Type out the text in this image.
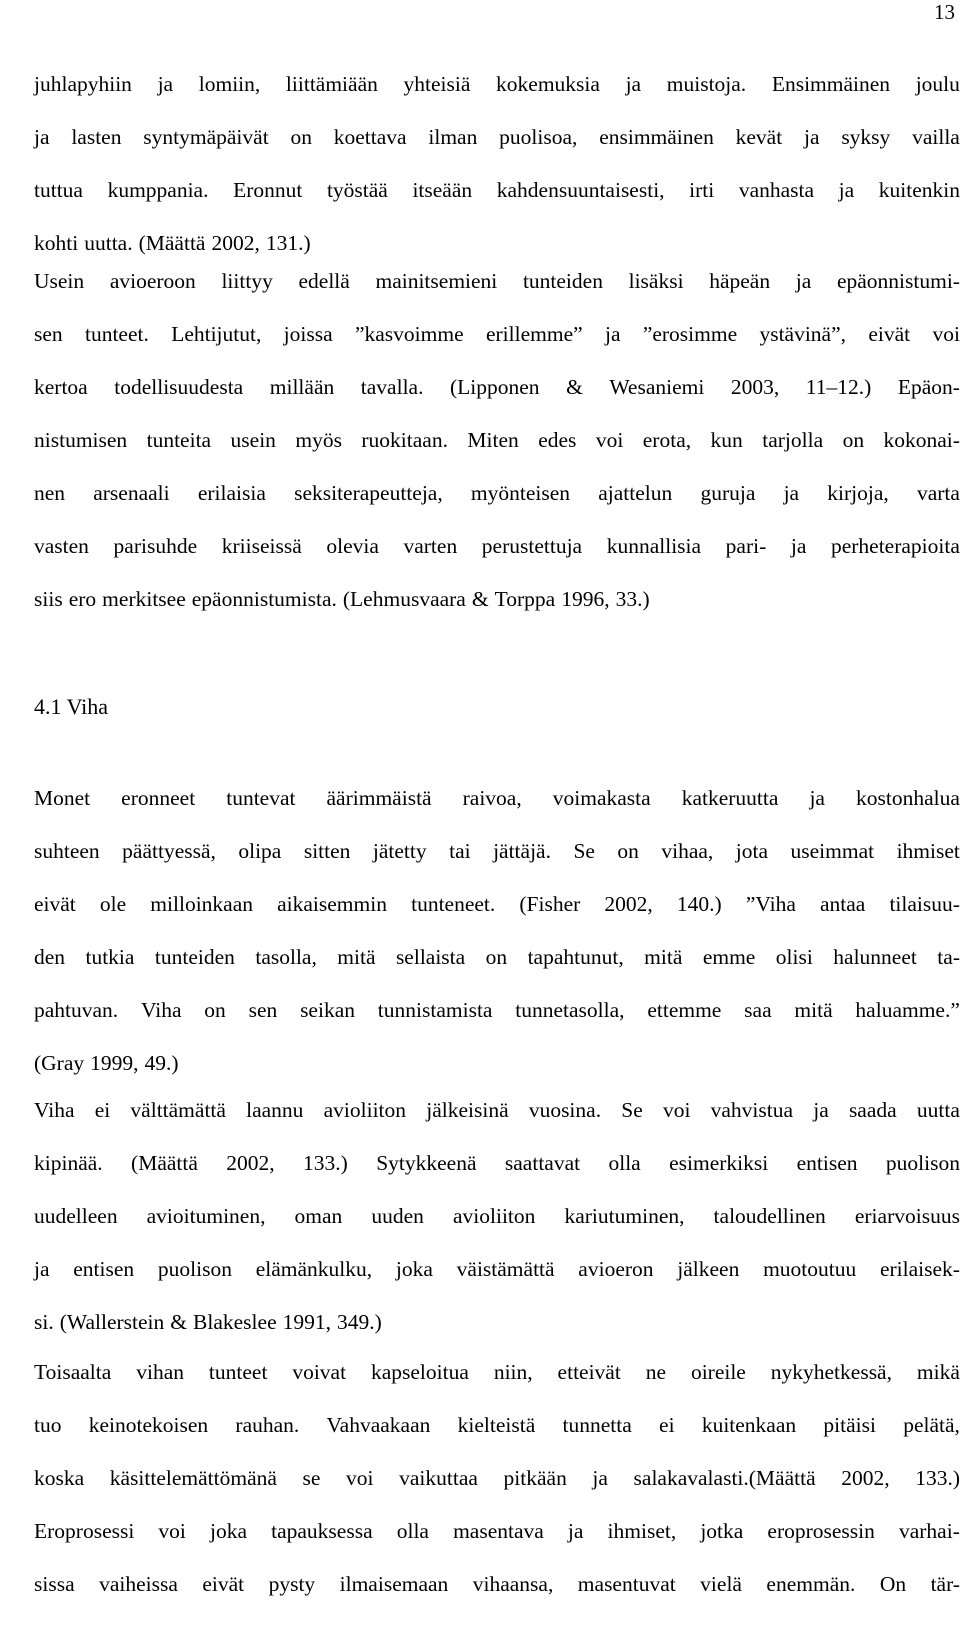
13
juhlapyhiin ja lomiin, liittämiään yhteisiä kokemuksia ja muistoja. Ensimmäinen joulu
ja lasten syntymäpäivät on koettava ilman puolisoa, ensimmäinen kevät ja syksy vailla
tuttua kumppania. Eronnut työstää itseään kahdensuuntaisesti, irti vanhasta ja kuitenkin
kohti uutta. (Määttä 2002, 131.)
Usein avioeroon liittyy edellä mainitsemieni tunteiden lisäksi häpeän ja epäonnistumi-
sen tunteet. Lehtijutut, joissa ”kasvoimme erillemme” ja ”erosimme ystävinä”, eivät voi
kertoa todellisuudesta millään tavalla. (Lipponen & Wesaniemi 2003, 11–12.) Epäon-
nistumisen tunteita usein myös ruokitaan. Miten edes voi erota, kun tarjolla on kokonai-
nen arsenaali erilaisia seksiterapeutteja, myönteisen ajattelun guruja ja kirjoja, varta
vasten parisuhde kriiseissä olevia varten perustettuja kunnallisia pari- ja perheterapioita
siis ero merkitsee epäonnistumista. (Lehmusvaara & Torppa 1996, 33.)
4.1 Viha
Monet eronneet tuntevat äärimmäistä raivoa, voimakasta katkeruutta ja kostonhalua
suhteen päättyessä, olipa sitten jätetty tai jättäjä. Se on vihaa, jota useimmat ihmiset
eivät ole milloinkaan aikaisemmin tunteneet. (Fisher 2002, 140.) ”Viha antaa tilaisuu-
den tutkia tunteiden tasolla, mitä sellaista on tapahtunut, mitä emme olisi halunneet ta-
pahtuvan. Viha on sen seikan tunnistamista tunnetasolla, ettemme saa mitä haluamme.”
(Gray 1999, 49.)
Viha ei välttämättä laannu avioliiton jälkeisinä vuosina. Se voi vahvistua ja saada uutta
kipinää. (Määttä 2002, 133.) Sytykkeenä saattavat olla esimerkiksi entisen puolison
uudelleen avioituminen, oman uuden avioliiton kariutuminen, taloudellinen eriarvoisuus
ja entisen puolison elämänkulku, joka väistämättä avioeron jälkeen muotoutuu erilaisek-
si. (Wallerstein & Blakeslee 1991, 349.)
Toisaalta vihan tunteet voivat kapseloitua niin, etteivät ne oireile nykyhetkessä, mikä
tuo keinotekoisen rauhan. Vahvaakaan kielteistä tunnetta ei kuitenkaan pitäisi pelätä,
koska käsittelemättömänä se voi vaikuttaa pitkään ja salakavalasti.(Määttä 2002, 133.)
Eroprosessi voi joka tapauksessa olla masentava ja ihmiset, jotka eroprosessin varhai-
sissa vaiheissa eivät pysty ilmaisemaan vihaansa, masentuvat vielä enemmän. On tär-
